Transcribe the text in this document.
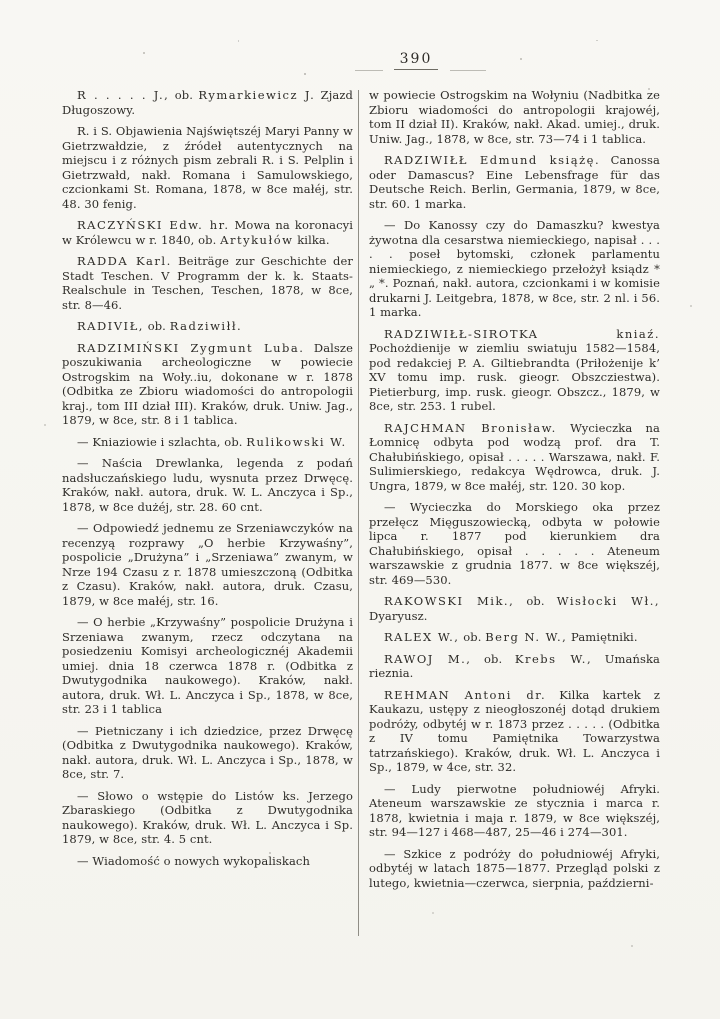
390

R . . . . . J., ob. Rymarkiewicz J. Zjazd Długoszowy.

R. i S. Objawienia Najświętszéj Maryi Panny w Gietrzwałdzie, z źródeł autentycznych na miejscu i z różnych pism zebrali R. i S. Pelplin i Gietrzwałd, nakł. Romana i Samulowskiego, czcionkami St. Romana, 1878, w 8ce małéj, str. 48. 30 fenig.

RACZYŃSKI Edw. hr. Mowa na koronacyi w Królewcu w r. 1840, ob. Artykułów kilka.

RADDA Karl. Beiträge zur Geschichte der Stadt Teschen. V Programm der k. k. Staats-Realschule in Teschen, Teschen, 1878, w 8ce, str. 8—46.

RADIVIŁ, ob. Radziwiłł.

RADZIMIŃSKI Zygmunt Luba. Dalsze poszukiwania archeologiczne w powiecie Ostrogskim na Woły..iu, dokonane w r. 1878 (Odbitka ze Zbioru wiadomości do antropologii kraj., tom III dział III). Kraków, druk. Uniw. Jag., 1879, w 8ce, str. 8 i 1 tablica.

— Kniaziowie i szlachta, ob. Rulikowski W.

— Naścia Drewlanka, legenda z podań nadsłuczańskiego ludu, wysnuta przez Drwęcę. Kraków, nakł. autora, druk. W. L. Anczyca i Sp., 1878, w 8ce dużéj, str. 28. 60 cnt.

— Odpowiedź jednemu ze Srzeniawczyków na recenzyą rozprawy „O herbie Krzywaśny”, pospolicie „Drużyna” i „Srzeniawa” zwanym, w Nrze 194 Czasu z r. 1878 umieszczoną (Odbitka z Czasu). Kraków, nakł. autora, druk. Czasu, 1879, w 8ce małéj, str. 16.

— O herbie „Krzywaśny” pospolicie Drużyna i Srzeniawa zwanym, rzecz odczytana na posiedzeniu Komisyi archeologicznéj Akademii umiej. dnia 18 czerwca 1878 r. (Odbitka z Dwutygodnika naukowego). Kraków, nakł. autora, druk. Wł. L. Anczyca i Sp., 1878, w 8ce, str. 23 i 1 tablica

— Pietniczany i ich dziedzice, przez Drwęcę (Odbitka z Dwutygodnika naukowego). Kraków, nakł. autora, druk. Wł. L. Anczyca i Sp., 1878, w 8ce, str. 7.

— Słowo o wstępie do Listów ks. Jerzego Zbaraskiego (Odbitka z Dwutygodnika naukowego). Kraków, druk. Wł. L. Anczyca i Sp. 1879, w 8ce, str. 4. 5 cnt.

— Wiadomość o nowych wykopaliskach

w powiecie Ostrogskim na Wołyniu (Nadbitka ze Zbioru wiadomości do antropologii krajowéj, tom II dział II). Kraków, nakł. Akad. umiej., druk. Uniw. Jag., 1878, w 8ce, str. 73—74 i 1 tablica.

RADZIWIŁŁ Edmund książę. Canossa oder Damascus? Eine Lebensfrage für das Deutsche Reich. Berlin, Germania, 1879, w 8ce, str. 60. 1 marka.

— Do Kanossy czy do Damaszku? kwestya żywotna dla cesarstwa niemieckiego, napisał . . . . . poseł bytomski, członek parlamentu niemieckiego, z niemieckiego przełożył ksiądz * „ *. Poznań, nakł. autora, czcionkami i w komisie drukarni J. Leitgebra, 1878, w 8ce, str. 2 nl. i 56. 1 marka.

RADZIWIŁŁ-SIROTKA kniaź. Pochożdienije w ziemliu swiatuju 1582—1584, pod redakciej P. A. Giltiebrandta (Priłożenije k’ XV tomu imp. rusk. gieogr. Obszcziestwa). Pietierburg, imp. rusk. gieogr. Obszcz., 1879, w 8ce, str. 253. 1 rubel.

RAJCHMAN Bronisław. Wycieczka na Łomnicę odbyta pod wodzą prof. dra T. Chałubińskiego, opisał . . . . . Warszawa, nakł. F. Sulimierskiego, redakcya Wędrowca, druk. J. Ungra, 1879, w 8ce małéj, str. 120. 30 kop.

— Wycieczka do Morskiego oka przez przełęcz Mięguszowiecką, odbyta w połowie lipca r. 1877 pod kierunkiem dra Chałubińskiego, opisał . . . . . Ateneum warszawskie z grudnia 1877. w 8ce większéj, str. 469—530.

RAKOWSKI Mik., ob. Wisłocki Wł., Dyaryusz.

RALEX W., ob. Berg N. W., Pamiętniki.

RAWOJ M., ob. Krebs W., Umańska rieznia.

REHMAN Antoni dr. Kilka kartek z Kaukazu, ustępy z nieogłoszonéj dotąd drukiem podróży, odbytéj w r. 1873 przez . . . . . (Odbitka z IV tomu Pamiętnika Towarzystwa tatrzańskiego). Kraków, druk. Wł. L. Anczyca i Sp., 1879, w 4ce, str. 32.

— Ludy pierwotne południowéj Afryki. Ateneum warszawskie ze stycznia i marca r. 1878, kwietnia i maja r. 1879, w 8ce większéj, str. 94—127 i 468—487, 25—46 i 274—301.

— Szkice z podróży do południowéj Afryki, odbytéj w latach 1875—1877. Przegląd polski z lutego, kwietnia—czerwca, sierpnia, październi-
